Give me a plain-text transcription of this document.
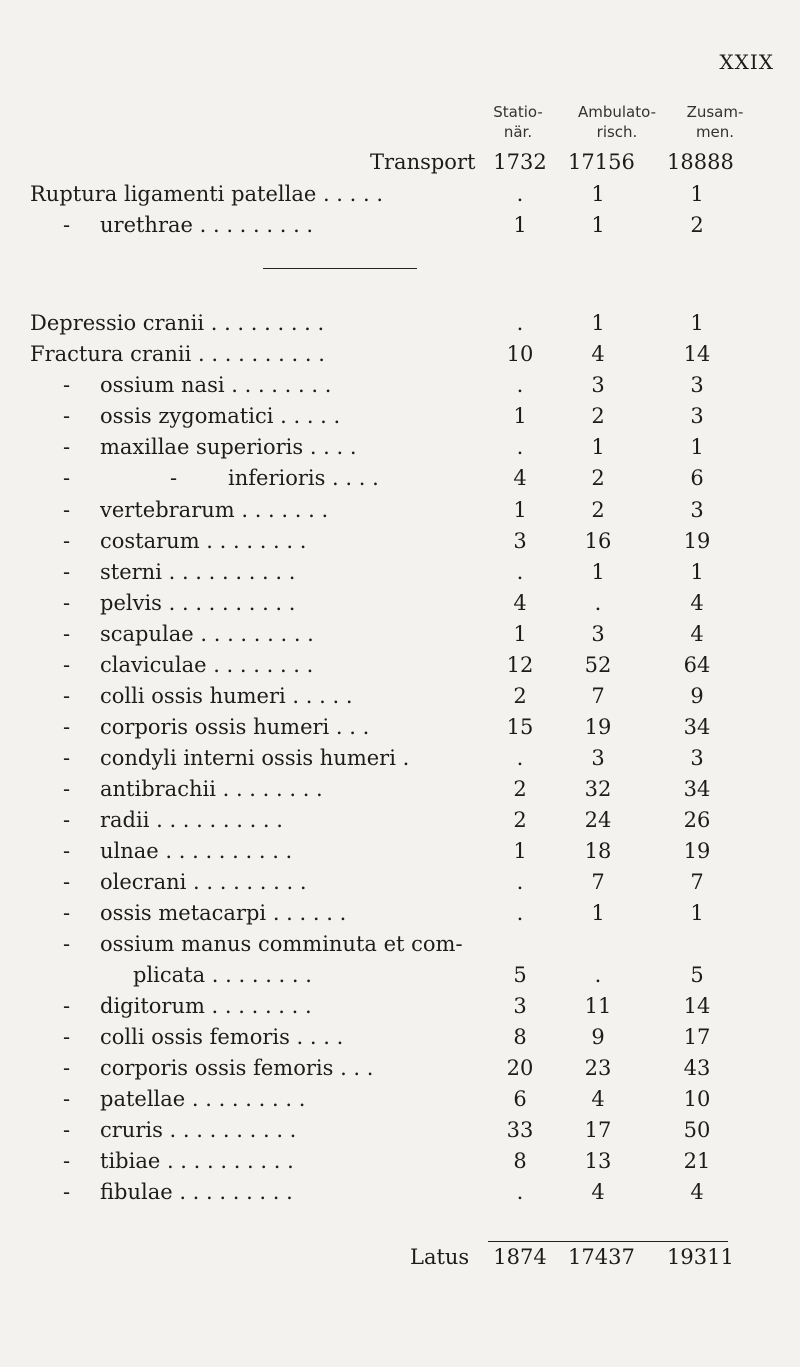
XXIX
Statio-
när.
Ambulato-
risch.
Zusam-
men.
Transport 1732 17156 18888
Ruptura ligamenti patellae . . . . .	.	1	1
- urethrae . . . . . . . . .	1	1	2
Depressio cranii . . . . . . . . .	.	1	1
Fractura cranii . . . . . . . . . .	10	4	14
- ossium nasi . . . . . . . .	.	3	3
- ossis zygomatici . . . . .	1	2	3
- maxillae superioris . . . .	.	1	1
-	- inferioris . . . .	4	2	6
- vertebrarum . . . . . . .	1	2	3
- costarum . . . . . . . .	3	16	19
- sterni . . . . . . . . . .	.	1	1
- pelvis . . . . . . . . . .	4	.	4
- scapulae . . . . . . . . .	1	3	4
- claviculae . . . . . . . .	12	52	64
- colli ossis humeri . . . . .	2	7	9
- corporis ossis humeri . . .	15	19	34
- condyli interni ossis humeri .	.	3	3
- antibrachii . . . . . . . .	2	32	34
- radii . . . . . . . . . .	2	24	26
- ulnae . . . . . . . . . .	1	18	19
- olecrani . . . . . . . . .	.	7	7
- ossis metacarpi . . . . . .	.	1	1
- ossium manus comminuta et com-
plicata . . . . . . . .	5	.	5
- digitorum . . . . . . . .	3	11	14
- colli ossis femoris . . . .	8	9	17
- corporis ossis femoris . . .	20	23	43
- patellae . . . . . . . . .	6	4	10
- cruris . . . . . . . . . .	33	17	50
- tibiae . . . . . . . . . .	8	13	21
- fibulae . . . . . . . . .	.	4	4
Latus 1874 17437 19311
